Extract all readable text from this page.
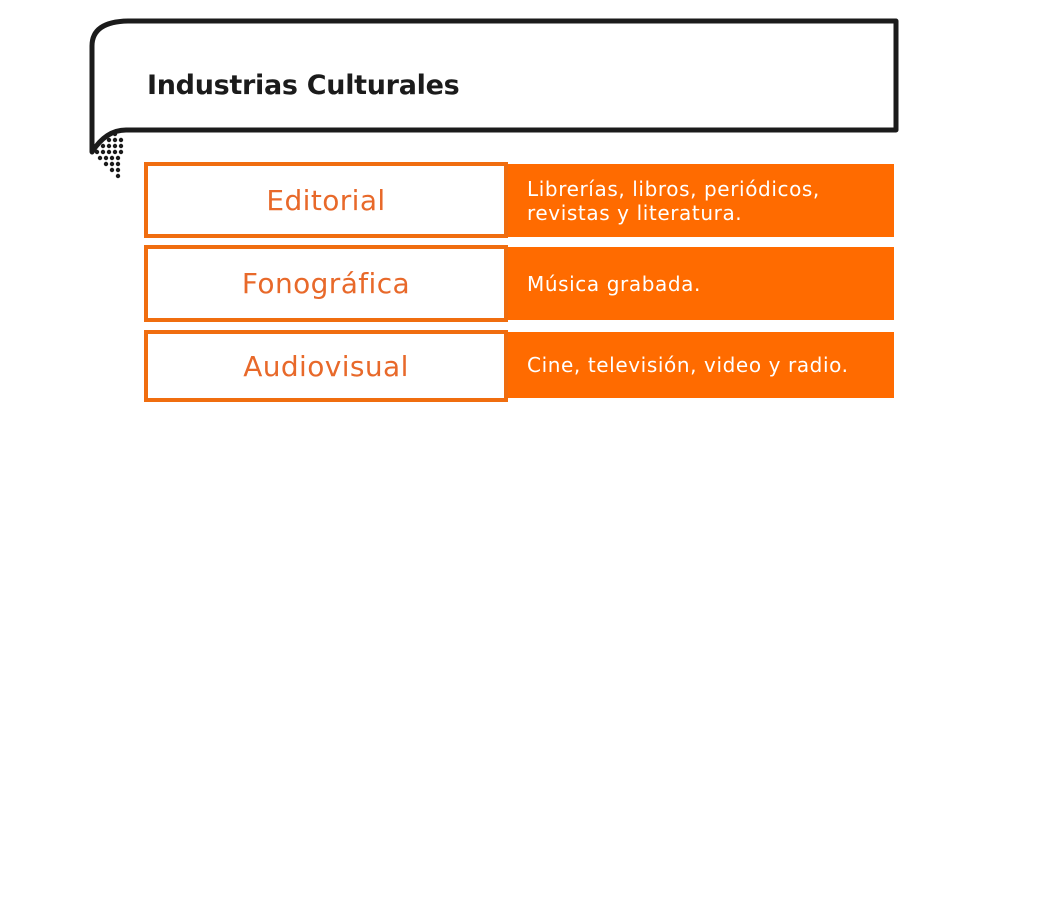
Industrias Culturales
Editorial	Librerías, libros, periódicos,
revistas y literatura.
Fonográfica	Música grabada.
Audiovisual	Cine, televisión, video y radio.
